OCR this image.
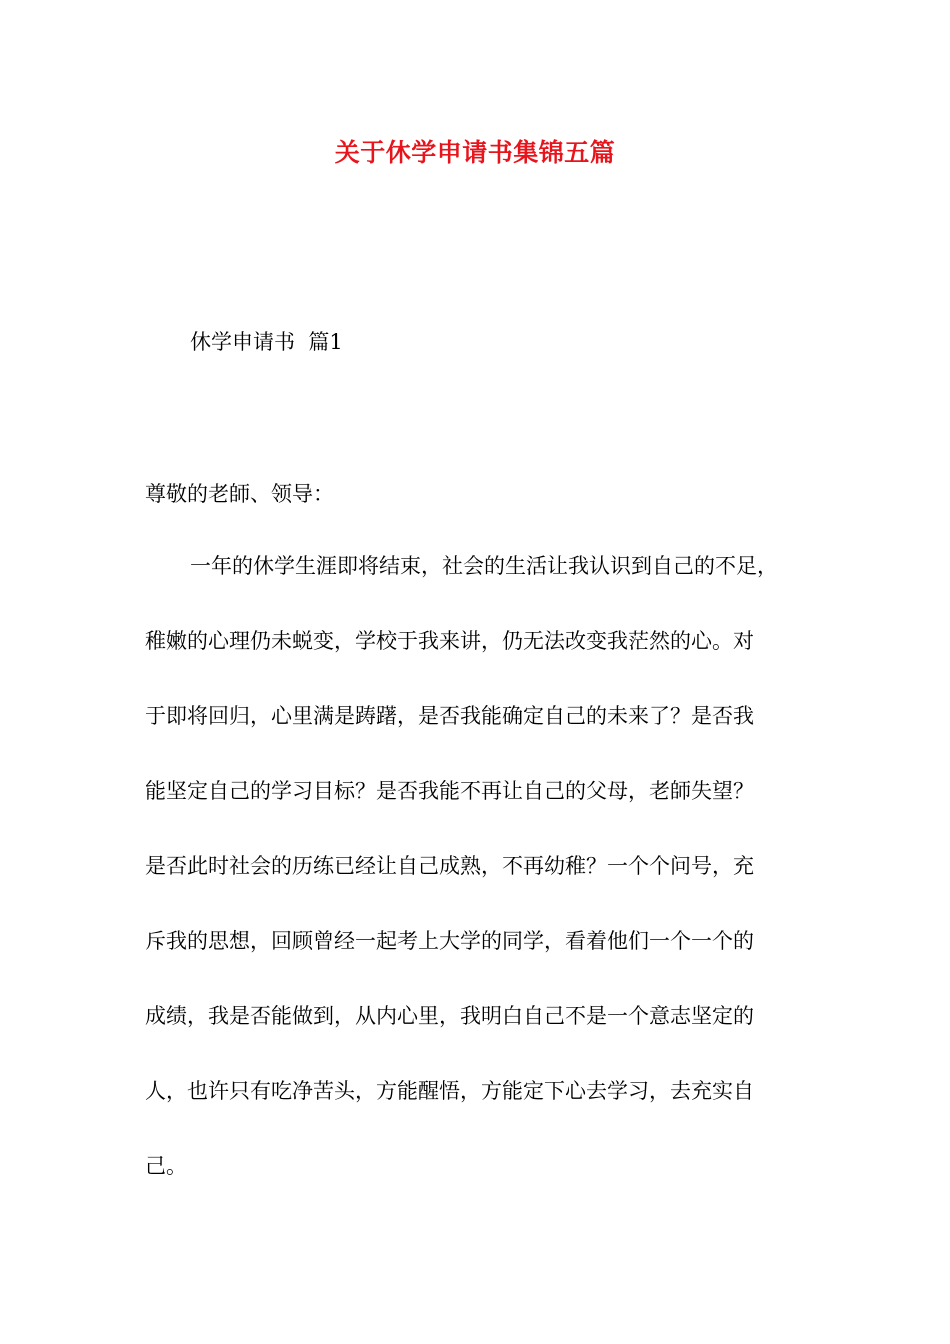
关于休学申请书集锦五篇
休学申请书  篇1
尊敬的老師、领导：
一年的休学生涯即将结束，社会的生活让我认识到自己的不足，
稚嫩的心理仍未蜕变，学校于我来讲，仍无法改变我茫然的心。对
于即将回归，心里满是踌躇，是否我能确定自己的未来了？是否我
能坚定自己的学习目标？是否我能不再让自己的父母，老師失望？
是否此时社会的历练已经让自己成熟，不再幼稚？一个个问号，充
斥我的思想，回顾曾经一起考上大学的同学，看着他们一个一个的
成绩，我是否能做到，从内心里，我明白自己不是一个意志坚定的
人，也许只有吃净苦头，方能醒悟，方能定下心去学习，去充实自
己。
